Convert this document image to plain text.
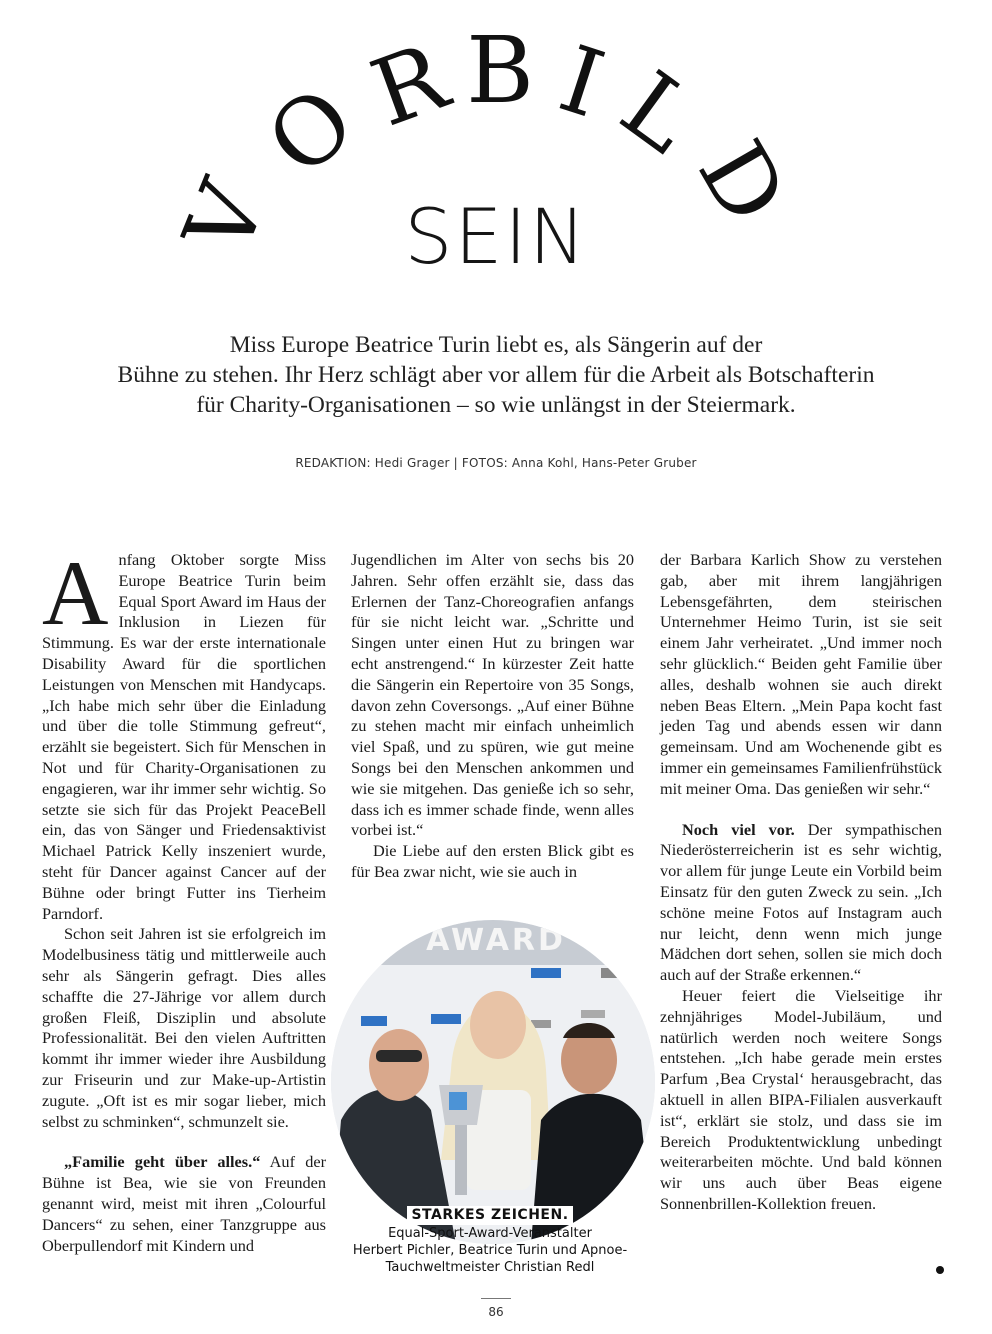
V
O
R B I
L
D
SEIN
Miss Europe Beatrice Turin liebt es, als Sängerin auf der
Bühne zu stehen. Ihr Herz schlägt aber vor allem für die Arbeit als Botschafterin
für Charity-Organisationen – so wie unlängst in der Steiermark.
REDAKTION: Hedi Grager | FOTOS: Anna Kohl, Hans-Peter Gruber

Anfang Oktober sorgte Miss Europe Beatrice Turin beim Equal Sport Award im Haus der Inklusion in Liezen für Stimmung. Es war der erste internationale Disability Award für die sportlichen Leistungen von Menschen mit Handycaps. „Ich habe mich sehr über die Einladung und über die tolle Stimmung gefreut“, erzählt sie begeistert. Sich für Menschen in Not und für Charity-Organisationen zu engagieren, war ihr immer sehr wichtig. So setzte sie sich für das Projekt PeaceBell ein, das von Sänger und Friedensaktivist Michael Patrick Kelly inszeniert wurde, steht für Dancer against Cancer auf der Bühne oder bringt Futter ins Tierheim Parndorf.

Schon seit Jahren ist sie erfolgreich im Modelbusiness tätig und mittlerweile auch sehr als Sängerin gefragt. Dies alles schaffte die 27-Jährige vor allem durch großen Fleiß, Disziplin und absolute Professionalität. Bei den vielen Auftritten kommt ihr immer wieder ihre Ausbildung zur Friseurin und zur Make-up-Artistin zugute. „Oft ist es mir sogar lieber, mich selbst zu schminken“, schmunzelt sie.

„Familie geht über alles.“ Auf der Bühne ist Bea, wie sie von Freunden genannt wird, meist mit ihren „Colourful Dancers“ zu sehen, einer Tanzgruppe aus Oberpullendorf mit Kindern und

Jugendlichen im Alter von sechs bis 20 Jahren. Sehr offen erzählt sie, dass das Erlernen der Tanz-Choreografien anfangs für sie nicht leicht war. „Schritte und Singen unter einen Hut zu bringen war echt anstrengend.“ In kürzester Zeit hatte die Sängerin ein Repertoire von 35 Songs, davon zehn Coversongs. „Auf einer Bühne zu stehen macht mir einfach unheimlich viel Spaß, und zu spüren, wie gut meine Songs bei den Menschen ankommen und wie sie mitgehen. Das genieße ich so sehr, dass ich es immer schade finde, wenn alles vorbei ist.“

Die Liebe auf den ersten Blick gibt es für Bea zwar nicht, wie sie auch in

der Barbara Karlich Show zu verstehen gab, aber mit ihrem langjährigen Lebensgefährten, dem steirischen Unternehmer Heimo Turin, ist sie seit einem Jahr verheiratet. „Und immer noch sehr glücklich.“ Beiden geht Familie über alles, deshalb wohnen sie auch direkt neben Beas Eltern. „Mein Papa kocht fast jeden Tag und abends essen wir dann gemeinsam. Und am Wochenende gibt es immer ein gemeinsames Familienfrühstück mit meiner Oma. Das genießen wir sehr.“

Noch viel vor. Der sympathischen Niederösterreicherin ist es sehr wichtig, vor allem für junge Leute ein Vorbild beim Einsatz für den guten Zweck zu sein. „Ich schöne meine Fotos auf Instagram auch nur leicht, denn wenn mich junge Mädchen dort sehen, sollen sie mich doch auch auf der Straße erkennen.“

Heuer feiert die Vielseitige ihr zehnjähriges Model-Jubiläum, und natürlich werden noch weitere Songs entstehen. „Ich habe gerade mein erstes Parfum ‚Bea Crystal‘ herausgebracht, das aktuell in allen BIPA-Filialen ausverkauft ist“, erklärt sie stolz, und dass sie im Bereich Produktentwicklung unbedingt weiterarbeiten möchte. Und bald können wir uns auch über Beas eigene Sonnenbrillen-Kollektion freuen.

AWARD
STARKES ZEICHEN.
Equal-Sport-Award-Veranstalter
Herbert Pichler, Beatrice Turin und Apnoe-
Tauchweltmeister Christian Redl
86
